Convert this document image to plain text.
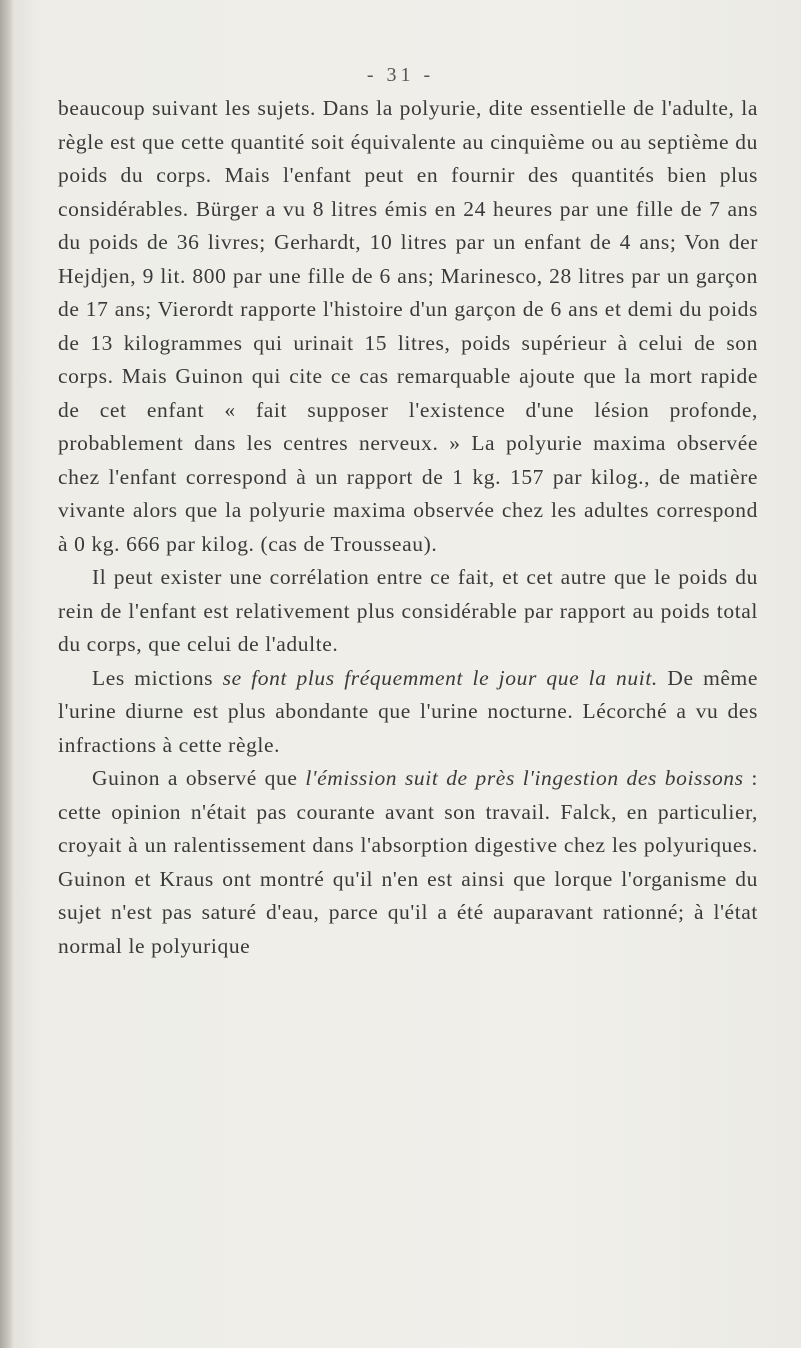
- 31 -

beaucoup suivant les sujets. Dans la polyurie, dite essentielle de l'adulte, la règle est que cette quantité soit équivalente au cinquième ou au septième du poids du corps. Mais l'enfant peut en fournir des quantités bien plus considérables. Bürger a vu 8 litres émis en 24 heures par une fille de 7 ans du poids de 36 livres; Gerhardt, 10 litres par un enfant de 4 ans; Von der Hejdjen, 9 lit. 800 par une fille de 6 ans; Marinesco, 28 litres par un garçon de 17 ans; Vierordt rapporte l'histoire d'un garçon de 6 ans et demi du poids de 13 kilogrammes qui urinait 15 litres, poids supérieur à celui de son corps. Mais Guinon qui cite ce cas remarquable ajoute que la mort rapide de cet enfant « fait supposer l'existence d'une lésion profonde, probablement dans les centres nerveux. » La polyurie maxima observée chez l'enfant correspond à un rapport de 1 kg. 157 par kilog., de matière vivante alors que la polyurie maxima observée chez les adultes correspond à 0 kg. 666 par kilog. (cas de Trousseau).

Il peut exister une corrélation entre ce fait, et cet autre que le poids du rein de l'enfant est relativement plus considérable par rapport au poids total du corps, que celui de l'adulte.

Les mictions se font plus fréquemment le jour que la nuit. De même l'urine diurne est plus abondante que l'urine nocturne. Lécorché a vu des infractions à cette règle.

Guinon a observé que l'émission suit de près l'ingestion des boissons : cette opinion n'était pas courante avant son travail. Falck, en particulier, croyait à un ralentissement dans l'absorption digestive chez les polyuriques. Guinon et Kraus ont montré qu'il n'en est ainsi que lorque l'organisme du sujet n'est pas saturé d'eau, parce qu'il a été auparavant rationné; à l'état normal le polyurique
